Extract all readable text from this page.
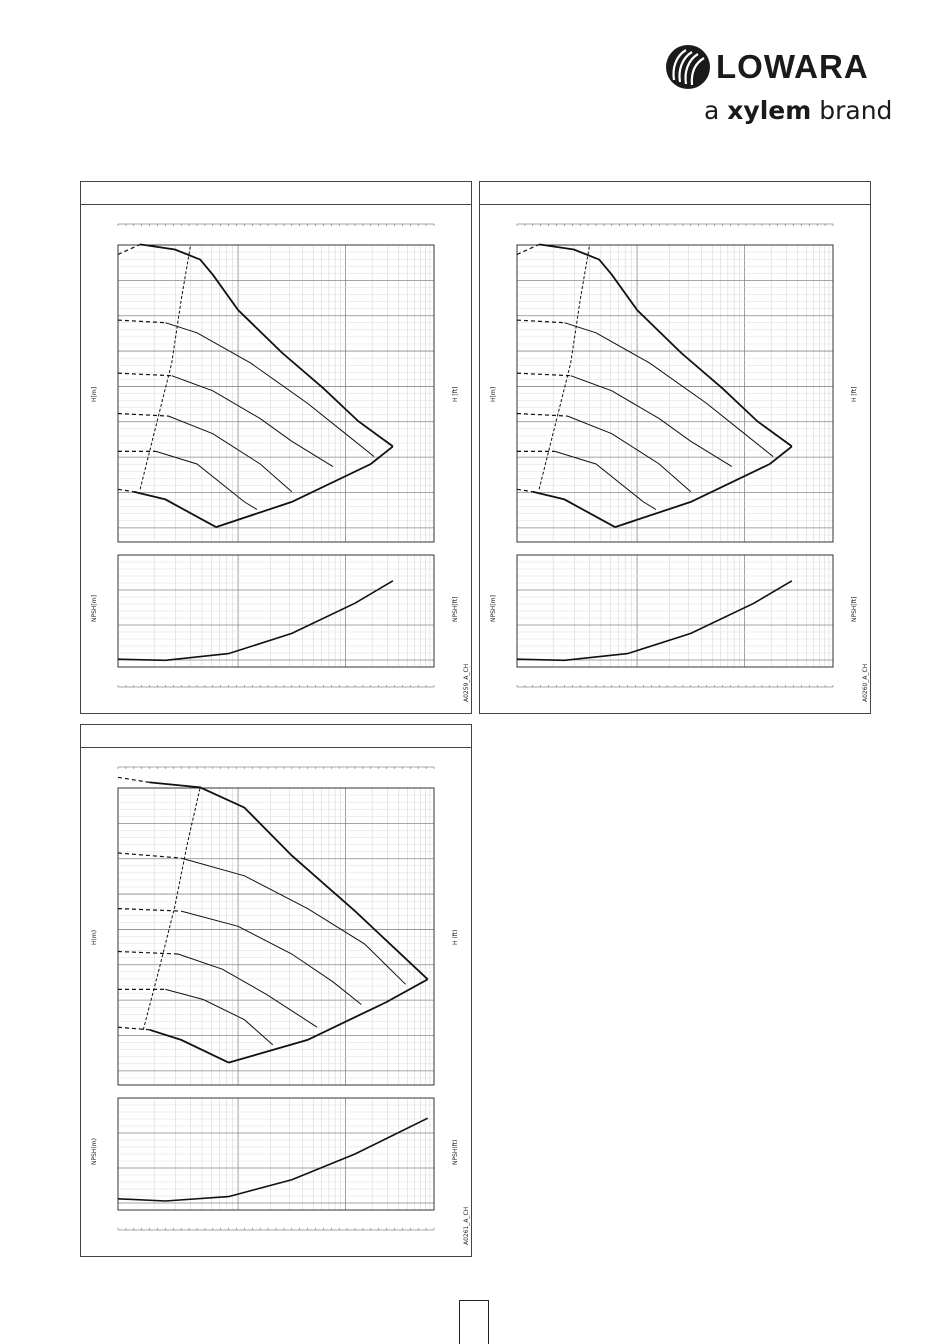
LOWARA
a xylem brand
H[m]	H [ft]
NPSH[m]	NPSH[ft]
A0259_A_CH
H[m]	H [ft]
NPSH[m]	NPSH[ft]
A0260_A_CH
H(m)	H (ft)
NPSH(m)	NPSH(ft)
A0261_A_CH
